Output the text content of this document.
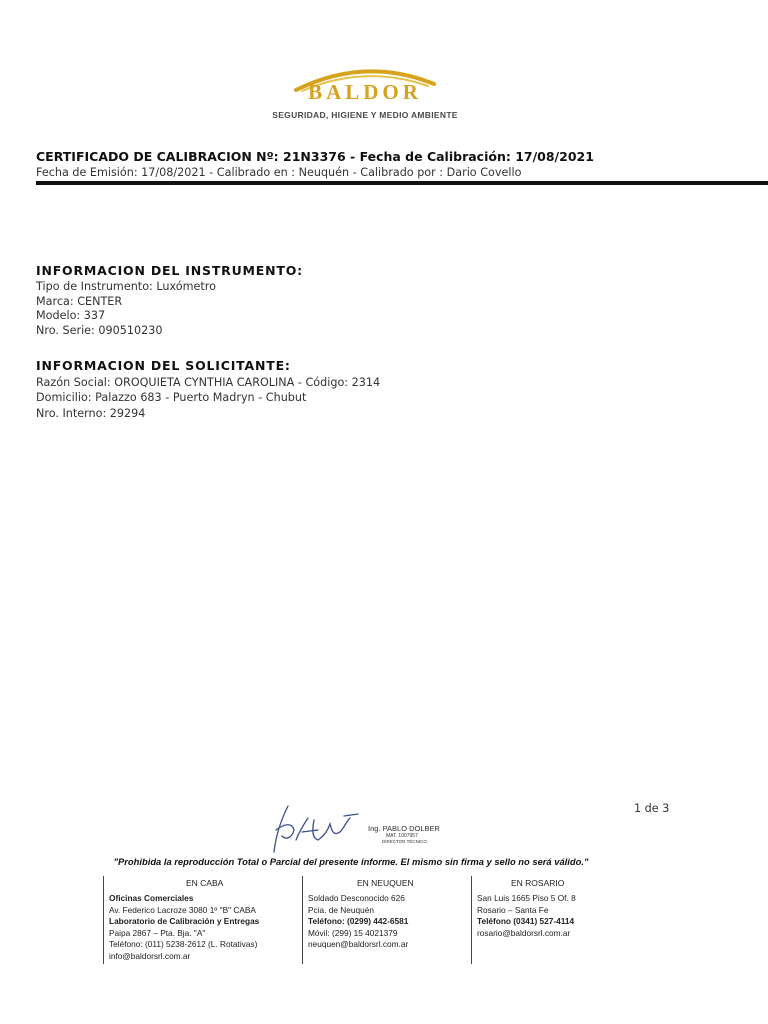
BALDOR
SEGURIDAD, HIGIENE Y MEDIO AMBIENTE
CERTIFICADO DE CALIBRACION Nº: 21N3376 - Fecha de Calibración: 17/08/2021
Fecha de Emisión: 17/08/2021 - Calibrado en : Neuquén - Calibrado por : Dario Covello
INFORMACION DEL INSTRUMENTO:
Tipo de Instrumento: Luxómetro
Marca: CENTER
Modelo: 337
Nro. Serie: 090510230
INFORMACION DEL SOLICITANTE:
Razón Social: OROQUIETA CYNTHIA CAROLINA - Código: 2314
Domicilio: Palazzo 683 - Puerto Madryn - Chubut
Nro. Interno: 29294
1 de 3
Ing. PABLO DOLBER
MAT. 1007957
DIRECTOR TÉCNICO
"Prohibida la reproducción Total o Parcial del presente informe. El mismo sin firma y sello no será válido."
EN CABA
Oficinas Comerciales
Av. Federico Lacroze 3080 1º "B" CABA
Laboratorio de Calibración y Entregas
Paipa 2867 – Pta. Bja. "A"
Teléfono: (011) 5238-2612 (L. Rotativas)
info@baldorsrl.com.ar
EN NEUQUEN
Soldado Desconocido 626
Pcia. de Neuquén
Teléfono: (0299) 442-6581
Móvil: (299) 15 4021379
neuquen@baldorsrl.com.ar
EN ROSARIO
San Luis 1665 Piso 5 Of. 8
Rosario – Santa Fe
Teléfono (0341) 527-4114
rosario@baldorsrl.com.ar
